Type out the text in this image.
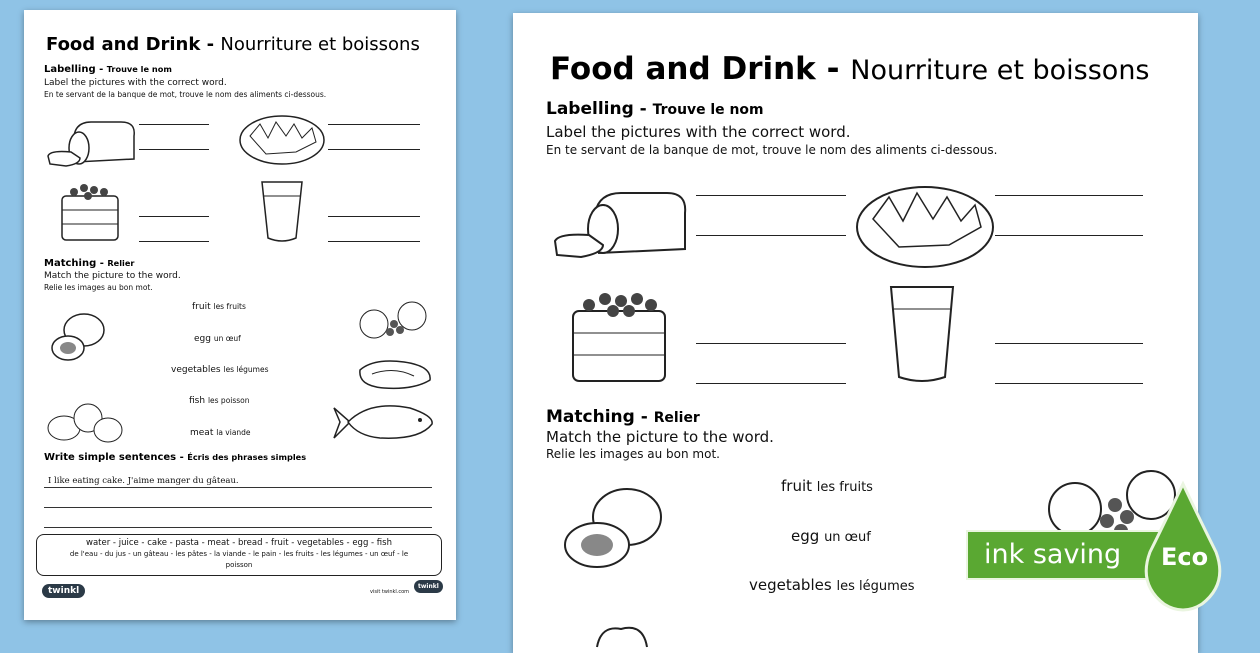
Food and Drink - Nourriture et boissons
Labelling - Trouve le nom
Label the pictures with the correct word.
En te servant de la banque de mot, trouve le nom des aliments ci-dessous.
Matching - Relier
Match the picture to the word.
Relie les images au bon mot.
fruit les fruits
egg un œuf
vegetables les légumes
fish les poisson
meat la viande
Write simple sentences - Écris des phrases simples
I like eating cake. J'aime manger du gâteau.
water - juice - cake - pasta - meat - bread - fruit - vegetables - egg - fish
de l'eau - du jus - un gâteau - les pâtes - la viande - le pain - les fruits - les légumes - un œuf - le poisson
twinkl	visit twinkl.com
twinkl
Food and Drink - Nourriture et boissons
Labelling - Trouve le nom
Label the pictures with the correct word.
En te servant de la banque de mot, trouve le nom des aliments ci-dessous.
Matching - Relier
Match the picture to the word.
Relie les images au bon mot.
fruit les fruits
egg un œuf
vegetables les légumes
ink saving Eco
